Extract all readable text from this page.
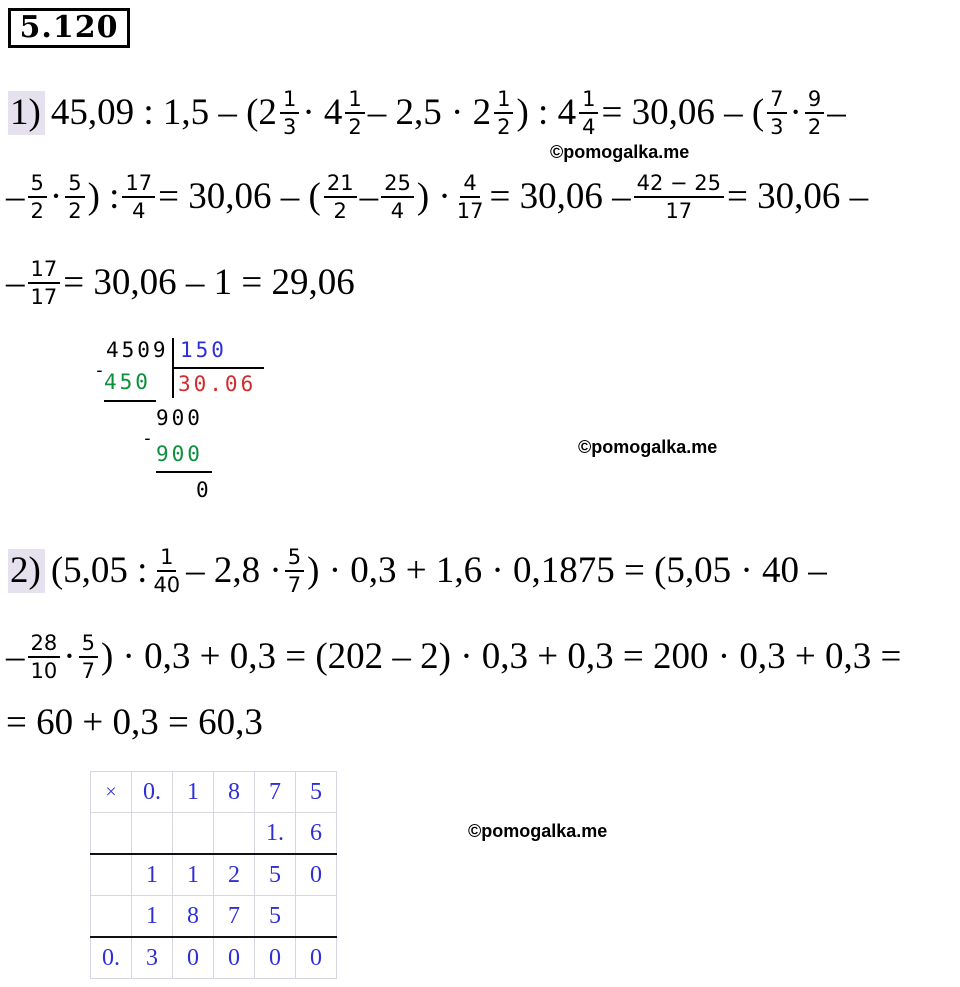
5.120
1) 45,09 : $1,5 - (2 \frac{1}{3} \cdot 4 \frac{1}{2} - 2,5 \cdot 2 \frac{1}{2}$ ) : $4 \frac{1}{4} = 30,06$ – ( $\frac{7}{3} \cdot \frac{9}{2}$ –
©pomogalka.me
– $\frac{5}{2} \cdot \frac{5}{2}$ ) : $\frac{17}{4} = 30,06$ – ( $\frac{21}{2} - \frac{25}{4}$ ) · $\frac{4}{17} = 30,06 - \frac{42 - 25}{17} = 30,06$ –
– $\frac{17}{17} = 30,06 - 1 = 29,06$
4509 150
-
450 30.06
900
-
900
0
©pomogalka.me
2) (5,05 : $\frac{1}{40} - 2,8 \cdot \frac{5}{7}$ ) · 0,3 + 1,6 · 0,1875 = (5,05 · 40 –
– $\frac{28}{10} \cdot \frac{5}{7}$ ) · 0,3 + 0,3 = (202 – 2) · 0,3 + 0,3 = 200 · 0,3 + 0,3 =
= 60 + 0,3 = 60,3
×	0.	1	8	7	5
				1.	6
	1	1	2	5	0
	1	8	7	5	
0.	3	0	0	0	0
©pomogalka.me
